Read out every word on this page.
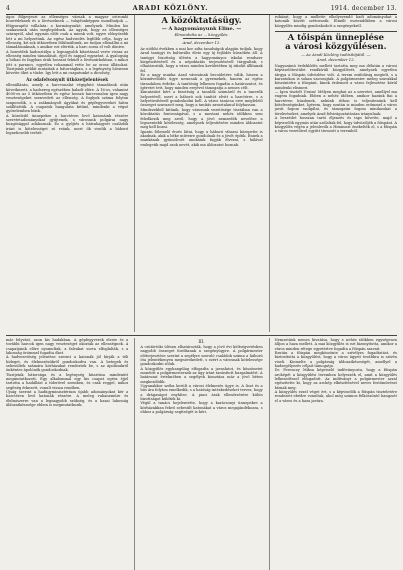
4	ARADI KÖZLÖNY.	1914. december 13.

ágos fölgerjeszt az ellenséges várnak a magyar ostromló honvédeknek és a lövészeknek — tulajdonképpen mondhatjuk — félgyarapító vállalata: a kormányunké, amelynek. Minden kis szakaszunk után meglepődnek. Az agyuk, hogy az ellenséges szárnyról, ahol egymás előtt csak a mienk volt, egyre előnyösebb lett a mi helyzetünk. Az egész hadviselés legfőbb célja, hogy az ellenség, kit sok ütközetben fölülmúltunk, ne tudjon ellenállni a mi támadásunknak, s amikor ezt elértük, a harc sorsa el volt döntve.

A honvédek hadosztálya a legnagyobb kitartással verte vissza az ellenség minden támadását, éjjel és nappal egyaránt. A gyalogság a hóban és fagyban órák hosszat feküdt a lövészárkokban, s mikor jött a parancs, egyetlen rohammal vette be az orosz állásokat. Tisztjeink példát mutattak a bátorságban, s a legénység hősiesen követte őket a tűzbe. Így lett a mi csapatunké a dicsőség.

Az odafelvonyult ütközetjelentések

ellenállásán, amely a harcvonalat végigfutó támadások után következett, a hadsereg egészében haladt előre. A 16-os, valamint 4000-es az 5 ütközetben és egész hosszú harcvonalon igen nagy veszteségeket szenvedett az ellenség. A foglyok száma folyton szaporodik, s a zsákmányolt ágyúkat és gépfegyvereket hátra szállították. A csapatok hangulata kitűnő, mindenki a végső győzelemben bízik.

A közeledő ünnepekre a harctéren levő katonáink részére szeretetadományokat gyűjtenek, s városunk polgárai nagy buzgósággal adakoznak. Ez a gyűjtés a hátrahagyott családok iránt is kötelességet ró reánk, mert ők viselik a háború legnehezebb terhét.

A közóktatásügy.
— A hagyományunk Eline. —
Elmondotta az ... közgyűlés.
Arad, december 12.

Az utóbbi években a mai kor adta tanulságok alapján tudjuk, hogy Arad tanügyi és kulturális élete egy új fejlődés küszöbén áll. A tanügyi bizottság ülésén a hagyományos iskolai rendszer kiegészítéséről és a népoktatás terjesztéséről tárgyaltak, s elhatározták, hogy a város minden kerületében új iskolát állítanak fel.

Ez a nagy munka Arad városának becsületére válik, hiszen a közművelődés ügye nemcsak a gyermekek, hanem az egész társadalom érdeke. A tanítóság lelkesen fogadta a határozatot, és ígéretet tett, hogy minden erejével támogatja a nemes célt.

Kimutatást kért a bizottság a tanulók számáról és a tanerők helyzetéről, mert a háború sok tanítót elvitt a harctérre, s a helyettesítésről gondoskodni kell. A város tanácsa erre megfelelő összeget szavazott meg, hogy a tanítás zavartalanul folyhasson.

Mindezekből kitűnik, hogy városunk vezetősége tisztában van a közoktatás fontosságával, s a mostani nehéz időkben sem feledkezik meg arról, hogy a jövő nemzedék nevelése a legszentebb kötelesség, amelynek teljesítésére minden áldozatot meg kell hozni.

Igazán fölemelő érzés látni, hogy a háború viharai közepette is akadnak, akik a béke műveire gondolnak és a jövőt építik. Ennek a munkának gyümölcsét unokáink fogják élvezni, s hálával emlegetik majd azok nevét, akik ma áldozatot hoznak.

ruházat, hogy a mellette elhelyezendő hadi adományokat a katonák között szétosszák. Elmúlt esztendőkben a városi közgyűlés mindig gondoskodott a szegényekről.

A tőispán ünneplése
a városi közgyűlésen.
— Az Aradi Közlöny tudósítójától. —
Arad, december 12.

Nagyszámú érdeklődés mellett tartotta meg ma délután a városi képviselőtestület rendkívüli közgyűlését, amelynek egyetlen tárgya a főispán üdvözlése volt. A terem zsúfolásig megtelt, s a karzatokon is sokan szorongtak. A polgármester meleg szavakkal köszöntötte a főispánt, kinek érdemeit a város fejlesztése körül mindenki elismeri.

— Igen tisztelt Uraim! Mélyen meghat az a szeretet, amellyel ma engem fogadnak. Ebben a nehéz időben, amikor hazánk fiai a harctéren küzdenek, nekünk itthon is teljesítenünk kell kötelességünket. Ígérem, hogy ezután is minden erőmmel a város javát fogom szolgálni, és támogatni fogom mindazokat a törekvéseket, amelyek Arad felvirágoztatására irányulnak.

A beszédet hosszan tartó éljenzés és taps követte, majd a képviselők egymás után szólaltak fel, hogy üdvözöljék a főispánt. A közgyűlés végén a jelenlevők a Himnuszt énekelték el, s a főispán a város vezetőivel együtt távozott a teremből.

már folyvást, azon kis hadakban. A gépfegyverek eleste és a további harcok igen nagy veszteséget okoztak az ellenségnek. A csapatjaink előre nyomultak, a falvakat sorra elfoglalták, s a lakosság örömmel fogadta őket.

A hadvezetőség jelentése szerint a katonák jól bírják a téli hideget, és élelmezésükről gondoskodva van. A betegek és sebesültek számára kórházakat rendeztek be, s az ápolásukról önkéntes ápolónők gondoskodnak.

Tisztjeink bátorsága és a legénység kitartása mindenütt megmutatkozott. Egy alkalommal egy kis csapat egész éjjel tartotta a hadállást a túlerővel szemben, és csak reggel, mikor segítség érkezett, vonult vissza rendben.

Újság szerint a hadügyminisztérium újabb adományokat kér a harctéren levő katonák részére. A meleg ruhaneműre és élelmiszerre van a legnagyobb szükség, és a hazai lakosság áldozatkészsége ebben is megmutatkozik.

III.

A csütörtöki ülésen elhatározták, hogy a jövő évi költségvetésben nagyobb összeget fordítanak a szegényügyre. A polgármester előterjesztése szerint a segélyre szoruló családok száma a háború óta jelentékenyen megnövekedett, s ezért a városnak kötelessége gondoskodni róluk.

A közgyűlés egyhangúlag elfogadta a javaslatot, és köszönetet mondott a polgármesternek az ügy iránt tanúsított buzgalmáért. A határozat értelmében a segélyek kiosztása már a jövő héten megkezdődik.

Ugyanakkor szóba került a városi élelmezés ügye is. A liszt és a hús ára folyton emelkedik, s a hatóság intézkedéseket tervez, hogy a drágaságot enyhítse. A piaci árak ellenőrzésére külön bizottságot küldtek ki.

Végül a tanács bejelentette, hogy a karácsonyi ünnepekre a kórházakban fekvő sebesült katonákat a város megajándékozza, s ehhez a polgárság segítségét is kéri.

Nemzetünk nemes hivatása, hogy e nehéz időkben egységesen álljon a haza mellett. A mai közgyűlés is ezt bizonyította, amikor a város minden rétege egyetértve fogadta a főispán szavait.

Ezután a főispán megköszönte a szívélyes fogadtatást, és biztosította a közgyűlést, hogy a város ügyeit továbbra is szívén viseli. Kiemelte a polgárság áldozatkészségét, amellyel a hadsegélyezés céljait támogatja.

Dr. Ferenczy Miksa képviselő indítványozta, hogy a főispán arcképét a közgyűlési teremben helyezzék el, amit a közgyűlés lelkesedéssel elfogadott. Az indítványt a polgármester azzal egészítette ki, hogy az arckép elkészítésével neves festőművészt bíznak meg.

A közgyűlés ezzel véget ért, s a képviselők a főispán tiszteletére rendezett ebédre vonultak, ahol még számos felköszöntő hangzott el a város és a haza javára.
